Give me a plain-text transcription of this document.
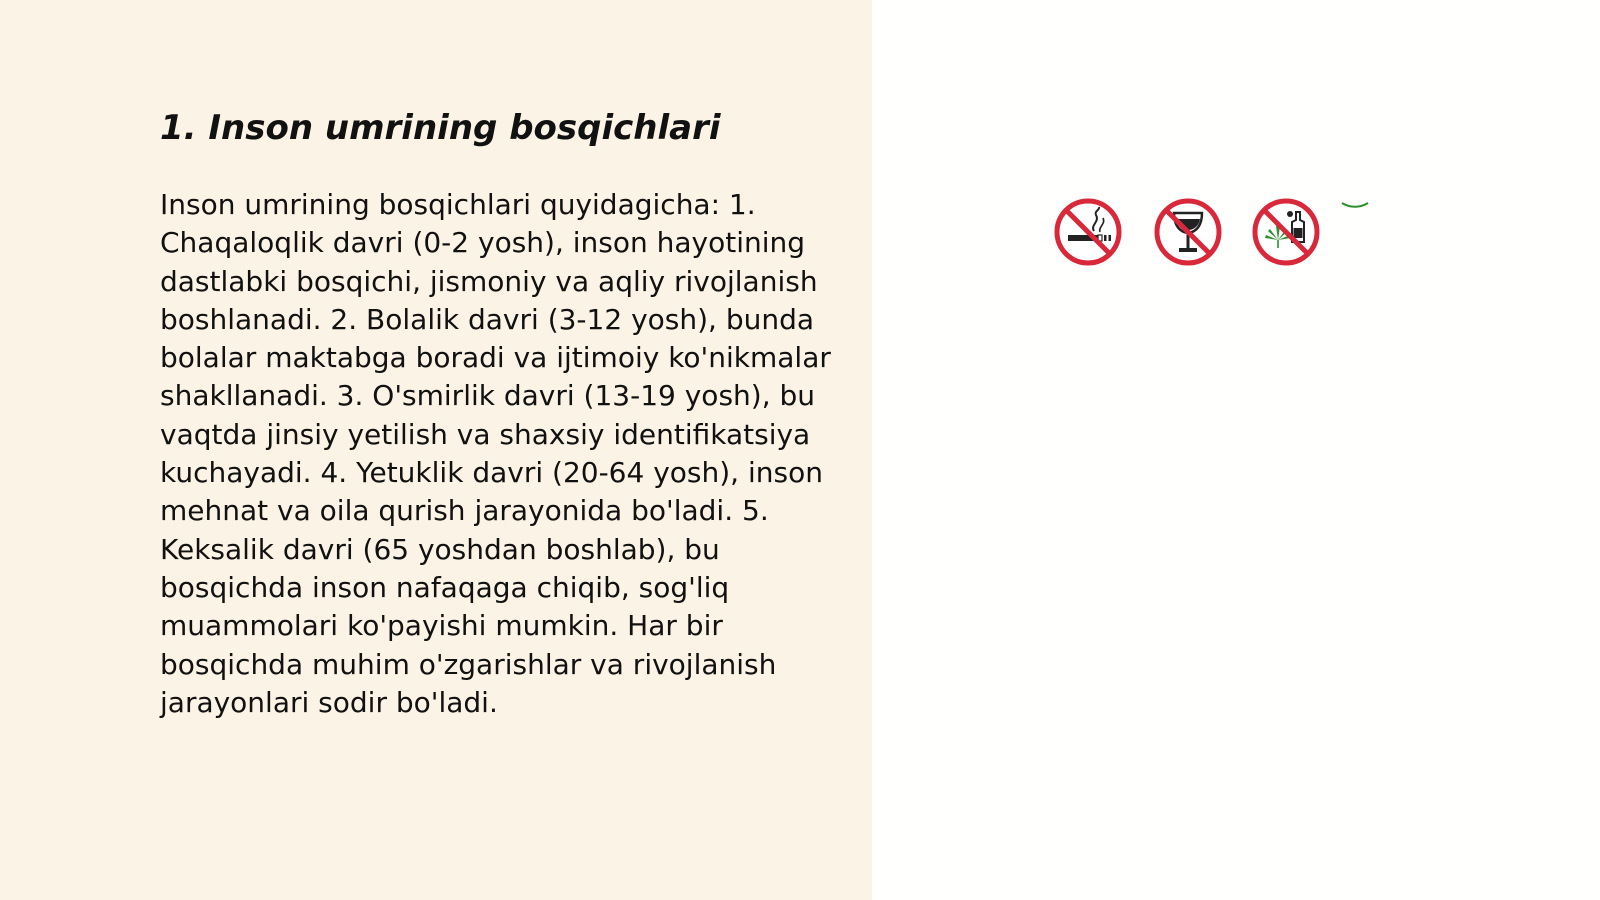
1. Inson umrining bosqichlari

Inson umrining bosqichlari quyidagicha: 1. Chaqaloqlik davri (0-2 yosh), inson hayotining dastlabki bosqichi, jismoniy va aqliy rivojlanish boshlanadi. 2. Bolalik davri (3-12 yosh), bunda bolalar maktabga boradi va ijtimoiy ko'nikmalar shakllanadi. 3. O'smirlik davri (13-19 yosh), bu vaqtda jinsiy yetilish va shaxsiy identifikatsiya kuchayadi. 4. Yetuklik davri (20-64 yosh), inson mehnat va oila qurish jarayonida bo'ladi. 5. Keksalik davri (65 yoshdan boshlab), bu bosqichda inson nafaqaga chiqib, sog'liq muammolari ko'payishi mumkin. Har bir bosqichda muhim o'zgarishlar va rivojlanish jarayonlari sodir bo'ladi.
